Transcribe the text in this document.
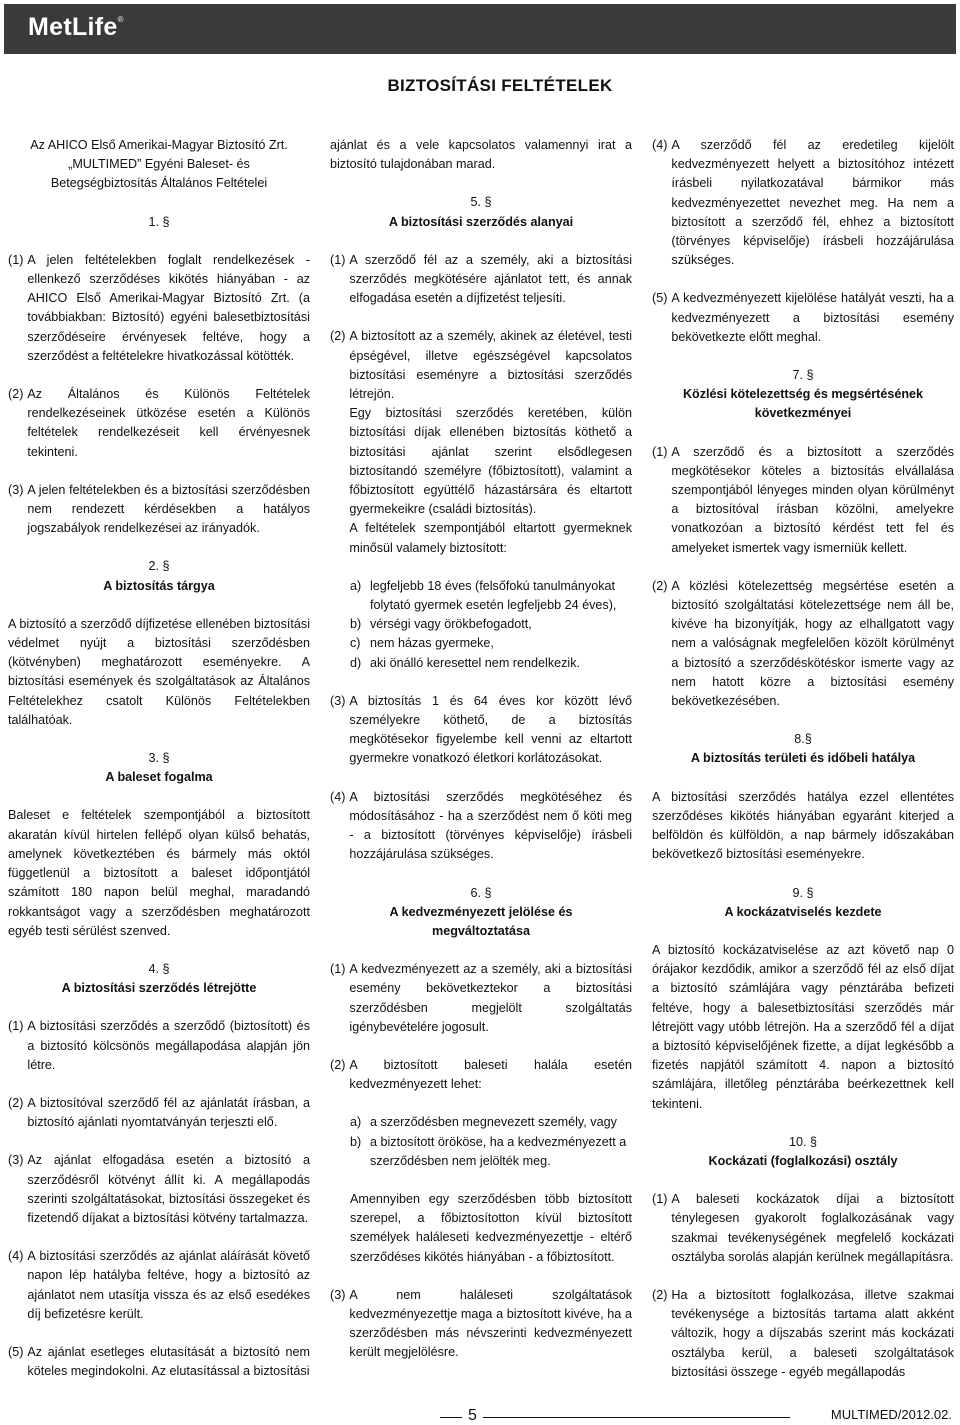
MetLife®
BIZTOSÍTÁSI FELTÉTELEK
Az AHICO Első Amerikai-Magyar Biztosító Zrt. „MULTIMED” Egyéni Baleset- és Betegségbiztosítás Általános Feltételei
1. §
(1) A jelen feltételekben foglalt rendelkezések - ellenkező szerződéses kikötés hiányában - az AHICO Első Amerikai-Magyar Biztosító Zrt. (a továbbiakban: Biztosító) egyéni balesetbiztosítási szerződéseire érvényesek feltéve, hogy a szerződést a feltételekre hivatkozással kötötték.
(2) Az Általános és Különös Feltételek rendelkezéseinek ütközése esetén a Különös feltételek rendelkezéseit kell érvényesnek tekinteni.
(3) A jelen feltételekben és a biztosítási szerződésben nem rendezett kérdésekben a hatályos jogszabályok rendelkezései az irányadók.
2. §
A biztosítás tárgya
A biztosító a szerződő díjfizetése ellenében biztosítási védelmet nyújt a biztosítási szerződésben (kötvényben) meghatározott eseményekre. A biztosítási események és szolgáltatások az Általános Feltételekhez csatolt Különös Feltételekben találhatóak.
3. §
A baleset fogalma
Baleset e feltételek szempontjából a biztosított akaratán kívül hirtelen fellépő olyan külső behatás, amelynek következtében és bármely más októl függetlenül a biztosított a baleset időpontjától számított 180 napon belül meghal, maradandó rokkantságot vagy a szerződésben meghatározott egyéb testi sérülést szenved.
4. §
A biztosítási szerződés létrejötte
(1) A biztosítási szerződés a szerződő (biztosított) és a biztosító kölcsönös megállapodása alapján jön létre.
(2) A biztosítóval szerződő fél az ajánlatát írásban, a biztosító ajánlati nyomtatványán terjeszti elő.
(3) Az ajánlat elfogadása esetén a biztosító a szerződésről kötvényt állít ki. A megállapodás szerinti szolgáltatásokat, biztosítási összegeket és fizetendő díjakat a biztosítási kötvény tartalmazza.
(4) A biztosítási szerződés az ajánlat aláírását követő napon lép hatályba feltéve, hogy a biztosító az ajánlatot nem utasítja vissza és az első esedékes díj befizetésre került.
(5) Az ajánlat esetleges elutasítását a biztosító nem köteles megindokolni. Az elutasítással a biztosítási
ajánlat és a vele kapcsolatos valamennyi irat a biztosító tulajdonában marad.
5. §
A biztosítási szerződés alanyai
(1) A szerződő fél az a személy, aki a biztosítási szerződés megkötésére ajánlatot tett, és annak elfogadása esetén a díjfizetést teljesíti.
(2) A biztosított az a személy, akinek az életével, testi épségével, illetve egészségével kapcsolatos biztosítási eseményre a biztosítási szerződés létrejön.
Egy biztosítási szerződés keretében, külön biztosítási díjak ellenében biztosítás köthető a biztosítási ajánlat szerint elsődlegesen biztosítandó személyre (főbiztosított), valamint a főbiztosított együttélő házastársára és eltartott gyermekeikre (családi biztosítás).
A feltételek szempontjából eltartott gyermeknek minősül valamely biztosított:
a) legfeljebb 18 éves (felsőfokú tanulmányokat folytató gyermek esetén legfeljebb 24 éves),
b) vérségi vagy örökbefogadott,
c) nem házas gyermeke,
d) aki önálló keresettel nem rendelkezik.
(3) A biztosítás 1 és 64 éves kor között lévő személyekre köthető, de a biztosítás megkötésekor figyelembe kell venni az eltartott gyermekre vonatkozó életkori korlátozásokat.
(4) A biztosítási szerződés megkötéséhez és módosításához - ha a szerződést nem ő köti meg - a biztosított (törvényes képviselője) írásbeli hozzájárulása szükséges.
6. §
A kedvezményezett jelölése és megváltoztatása
(1) A kedvezményezett az a személy, aki a biztosítási esemény bekövetkeztekor a biztosítási szerződésben megjelölt szolgáltatás igénybevételére jogosult.
(2) A biztosított baleseti halála esetén kedvezményezett lehet:
a) a szerződésben megnevezett személy, vagy
b) a biztosított örököse, ha a kedvezményezett a szerződésben nem jelölték meg.
Amennyiben egy szerződésben több biztosított szerepel, a főbiztosítotton kívül biztosított személyek haláleseti kedvezményezettje - eltérő szerződéses kikötés hiányában - a főbiztosított.
(3) A nem haláleseti szolgáltatások kedvezményezettje maga a biztosított kivéve, ha a szerződésben más névszerinti kedvezményezett került megjelölésre.
(4) A szerződő fél az eredetileg kijelölt kedvezményezett helyett a biztosítóhoz intézett írásbeli nyilatkozatával bármikor más kedvezményezettet nevezhet meg. Ha nem a biztosított a szerződő fél, ehhez a biztosított (törvényes képviselője) írásbeli hozzájárulása szükséges.
(5) A kedvezményezett kijelölése hatályát veszti, ha a kedvezményezett a biztosítási esemény bekövetkezte előtt meghal.
7. §
Közlési kötelezettség és megsértésének következményei
(1) A szerződő és a biztosított a szerződés megkötésekor köteles a biztosítás elvállalása szempontjából lényeges minden olyan körülményt a biztosítóval írásban közölni, amelyekre vonatkozóan a biztosító kérdést tett fel és amelyeket ismertek vagy ismerniük kellett.
(2) A közlési kötelezettség megsértése esetén a biztosító szolgáltatási kötelezettsége nem áll be, kivéve ha bizonyítják, hogy az elhallgatott vagy nem a valóságnak megfelelően közölt körülményt a biztosító a szerződéskötéskor ismerte vagy az nem hatott közre a biztosítási esemény bekövetkezésében.
8.§
A biztosítás területi és időbeli hatálya
A biztosítási szerződés hatálya ezzel ellentétes szerződéses kikötés hiányában egyaránt kiterjed a belföldön és külföldön, a nap bármely időszakában bekövetkező biztosítási eseményekre.
9. §
A kockázatviselés kezdete
A biztosító kockázatviselése az azt követő nap 0 órájakor kezdődik, amikor a szerződő fél az első díjat a biztosító számlájára vagy pénztárába befizeti feltéve, hogy a balesetbiztosítási szerződés már létrejött vagy utóbb létrejön. Ha a szerződő fél a díjat a biztosító képviselőjének fizette, a díjat legkésőbb a fizetés napjától számított 4. napon a biztosító számlájára, illetőleg pénztárába beérkezettnek kell tekinteni.
10. §
Kockázati (foglalkozási) osztály
(1) A baleseti kockázatok díjai a biztosított ténylegesen gyakorolt foglalkozásának vagy szakmai tevékenységének megfelelő kockázati osztályba sorolás alapján kerülnek megállapításra.
(2) Ha a biztosított foglalkozása, illetve szakmai tevékenysége a biztosítás tartama alatt akként változik, hogy a díjszabás szerint más kockázati osztályba kerül, a baleseti szolgáltatások biztosítási összege - egyéb megállapodás
5	MULTIMED/2012.02.
